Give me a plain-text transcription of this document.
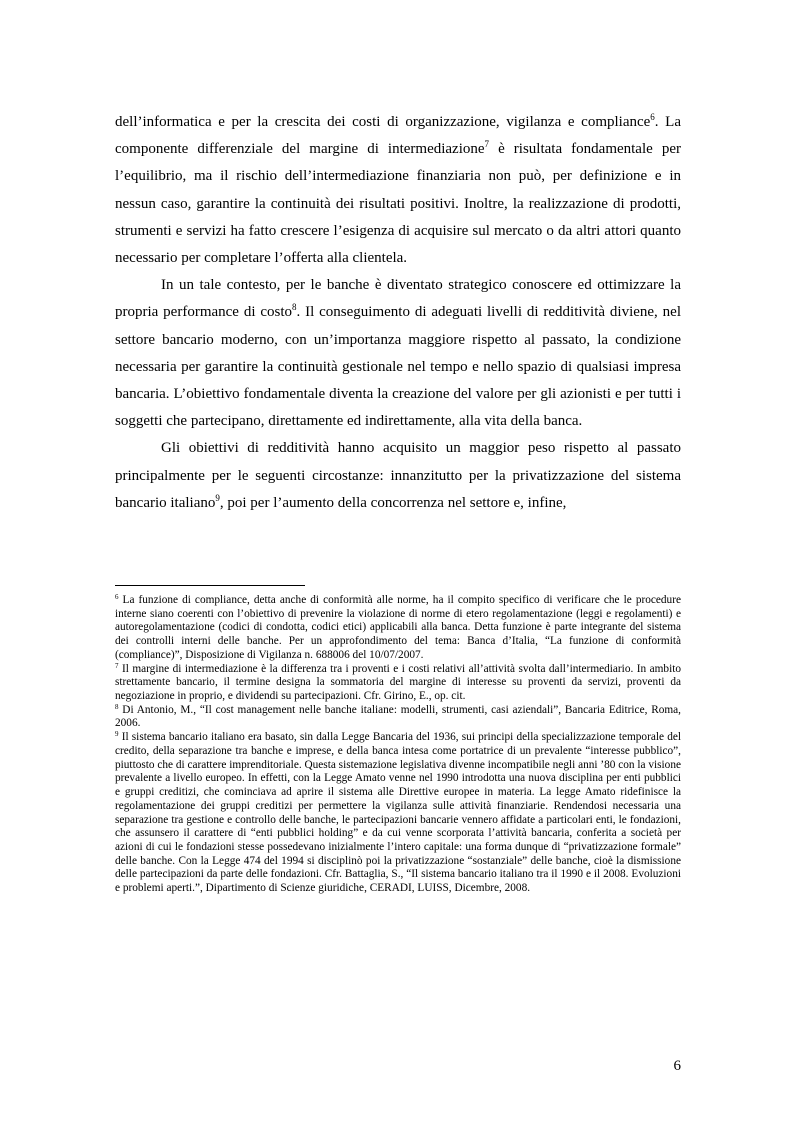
dell’informatica e per la crescita dei costi di organizzazione, vigilanza e compliance$^6$. La componente differenziale del margine di intermediazione$^7$ è risultata fondamentale per l’equilibrio, ma il rischio dell’intermediazione finanziaria non può, per definizione e in nessun caso, garantire la continuità dei risultati positivi. Inoltre, la realizzazione di prodotti, strumenti e servizi ha fatto crescere l’esigenza di acquisire sul mercato o da altri attori quanto necessario per completare l’offerta alla clientela.

In un tale contesto, per le banche è diventato strategico conoscere ed ottimizzare la propria performance di costo$^8$. Il conseguimento di adeguati livelli di redditività diviene, nel settore bancario moderno, con un’importanza maggiore rispetto al passato, la condizione necessaria per garantire la continuità gestionale nel tempo e nello spazio di qualsiasi impresa bancaria. L’obiettivo fondamentale diventa la creazione del valore per gli azionisti e per tutti i soggetti che partecipano, direttamente ed indirettamente, alla vita della banca.

Gli obiettivi di redditività hanno acquisito un maggior peso rispetto al passato principalmente per le seguenti circostanze: innanzitutto per la privatizzazione del sistema bancario italiano$^9$, poi per l’aumento della concorrenza nel settore e, infine,

$^6$ La funzione di compliance, detta anche di conformità alle norme, ha il compito specifico di verificare che le procedure interne siano coerenti con l’obiettivo di prevenire la violazione di norme di etero regolamentazione (leggi e regolamenti) e autoregolamentazione (codici di condotta, codici etici) applicabili alla banca. Detta funzione è parte integrante del sistema dei controlli interni delle banche. Per un approfondimento del tema: Banca d’Italia, “La funzione di conformità (compliance)”, Disposizione di Vigilanza n. 688006 del 10/07/2007.

$^7$ Il margine di intermediazione è la differenza tra i proventi e i costi relativi all’attività svolta dall’intermediario. In ambito strettamente bancario, il termine designa la sommatoria del margine di interesse su proventi da servizi, proventi da negoziazione in proprio, e dividendi su partecipazioni. Cfr. Girino, E., op. cit.

$^8$ Di Antonio, M., “Il cost management nelle banche italiane: modelli, strumenti, casi aziendali”, Bancaria Editrice, Roma, 2006.

$^9$ Il sistema bancario italiano era basato, sin dalla Legge Bancaria del 1936, sui principi della specializzazione temporale del credito, della separazione tra banche e imprese, e della banca intesa come portatrice di un prevalente “interesse pubblico”, piuttosto che di carattere imprenditoriale. Questa sistemazione legislativa divenne incompatibile negli anni ’80 con la visione prevalente a livello europeo. In effetti, con la Legge Amato venne nel 1990 introdotta una nuova disciplina per enti pubblici e gruppi creditizi, che cominciava ad aprire il sistema alle Direttive europee in materia. La legge Amato ridefinisce la regolamentazione dei gruppi creditizi per permettere la vigilanza sulle attività finanziarie. Rendendosi necessaria una separazione tra gestione e controllo delle banche, le partecipazioni bancarie vennero affidate a particolari enti, le fondazioni, che assunsero il carattere di “enti pubblici holding” e da cui venne scorporata l’attività bancaria, conferita a società per azioni di cui le fondazioni stesse possedevano inizialmente l’intero capitale: una forma dunque di “privatizzazione formale” delle banche. Con la Legge 474 del 1994 si disciplinò poi la privatizzazione “sostanziale” delle banche, cioè la dismissione delle partecipazioni da parte delle fondazioni. Cfr. Battaglia, S., “Il sistema bancario italiano tra il 1990 e il 2008. Evoluzioni e problemi aperti.”, Dipartimento di Scienze giuridiche, CERADI, LUISS, Dicembre, 2008.

6
